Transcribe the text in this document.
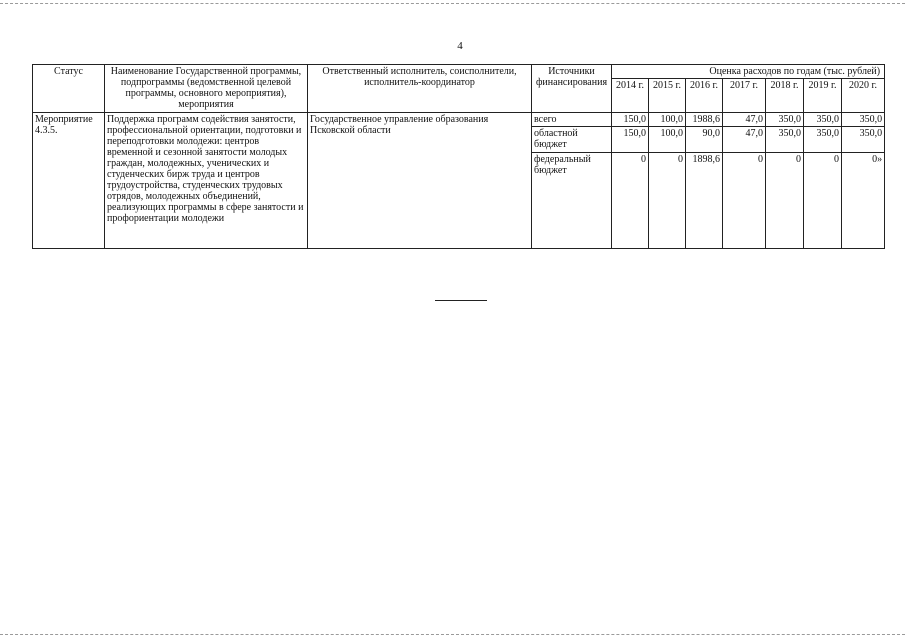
4
Статус	Наименование Государственной программы, подпрограммы (ведомственной целевой программы, основного мероприятия), мероприятия	Ответственный исполнитель, соисполнители, исполнитель-координатор	Источники финансирования	Оценка расходов по годам (тыс. рублей)						
				2014 г.	2015 г.	2016 г.	2017 г.	2018 г.	2019 г.	2020 г.
Мероприятие 4.3.5.	Поддержка программ содействия занятости, профессиональной ориентации, подготовки и переподготовки молодежи: центров временной и сезонной занятости молодых граждан, молодежных, ученических и студенческих бирж труда и центров трудоустройства, студенческих трудовых отрядов, молодежных объединений, реализующих программы в сфере занятости и профориентации молодежи	Государственное управление образования Псковской области	всего	150,0	100,0	1988,6	47,0	350,0	350,0	350,0
			областной бюджет	150,0	100,0	90,0	47,0	350,0	350,0	350,0
			федеральный бюджет	0	0	1898,6	0	0	0	0»
